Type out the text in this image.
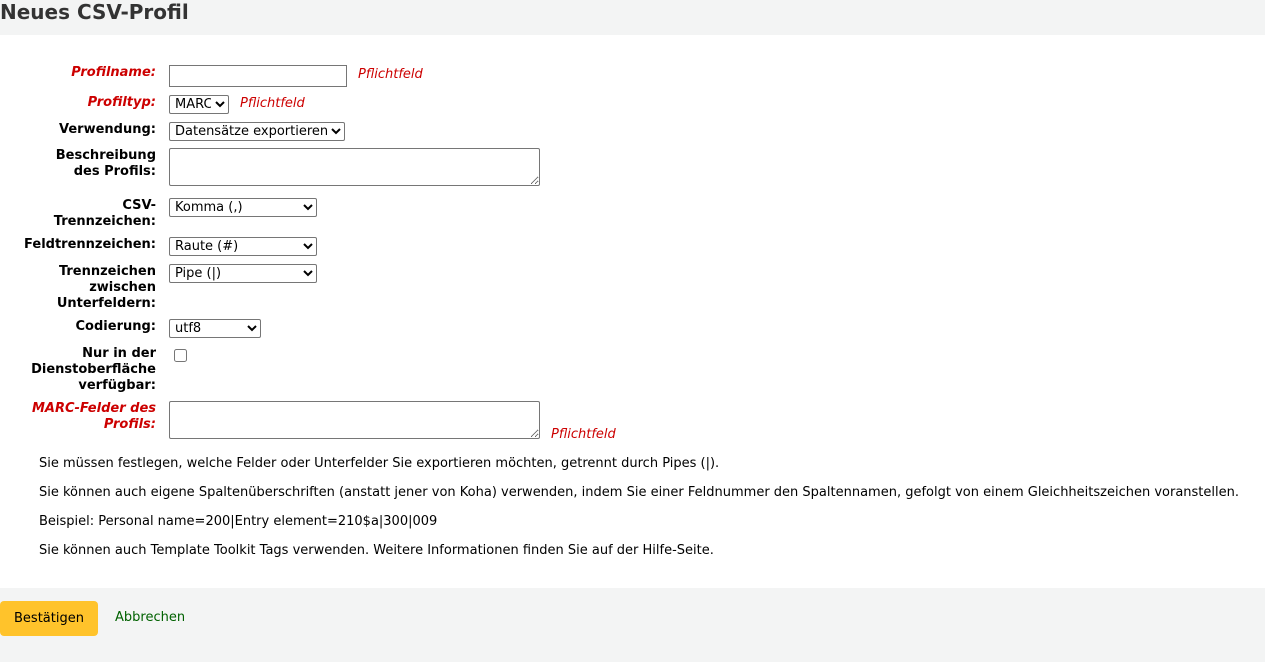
Neues CSV-Profil
Profilname:	Pflichtfeld
Profiltyp:
MARC	Pflichtfeld
Verwendung:
Datensätze exportieren
Beschreibung
des Profils:
CSV-
Trennzeichen:
Komma (,)
Feldtrennzeichen:
Raute (#)
Trennzeichen
zwischen
Unterfeldern:
Pipe (|)
Codierung:
utf8
Nur in der
Dienstoberfläche
verfügbar:
MARC-Felder des
Profils:
Pflichtfeld
Sie müssen festlegen, welche Felder oder Unterfelder Sie exportieren möchten, getrennt durch Pipes (|).
Sie können auch eigene Spaltenüberschriften (anstatt jener von Koha) verwenden, indem Sie einer Feldnummer den Spaltennamen, gefolgt von einem Gleichheitszeichen voranstellen.
Beispiel: Personal name=200|Entry element=210$a|300|009
Sie können auch Template Toolkit Tags verwenden. Weitere Informationen finden Sie auf der Hilfe-Seite.
Bestätigen	Abbrechen
